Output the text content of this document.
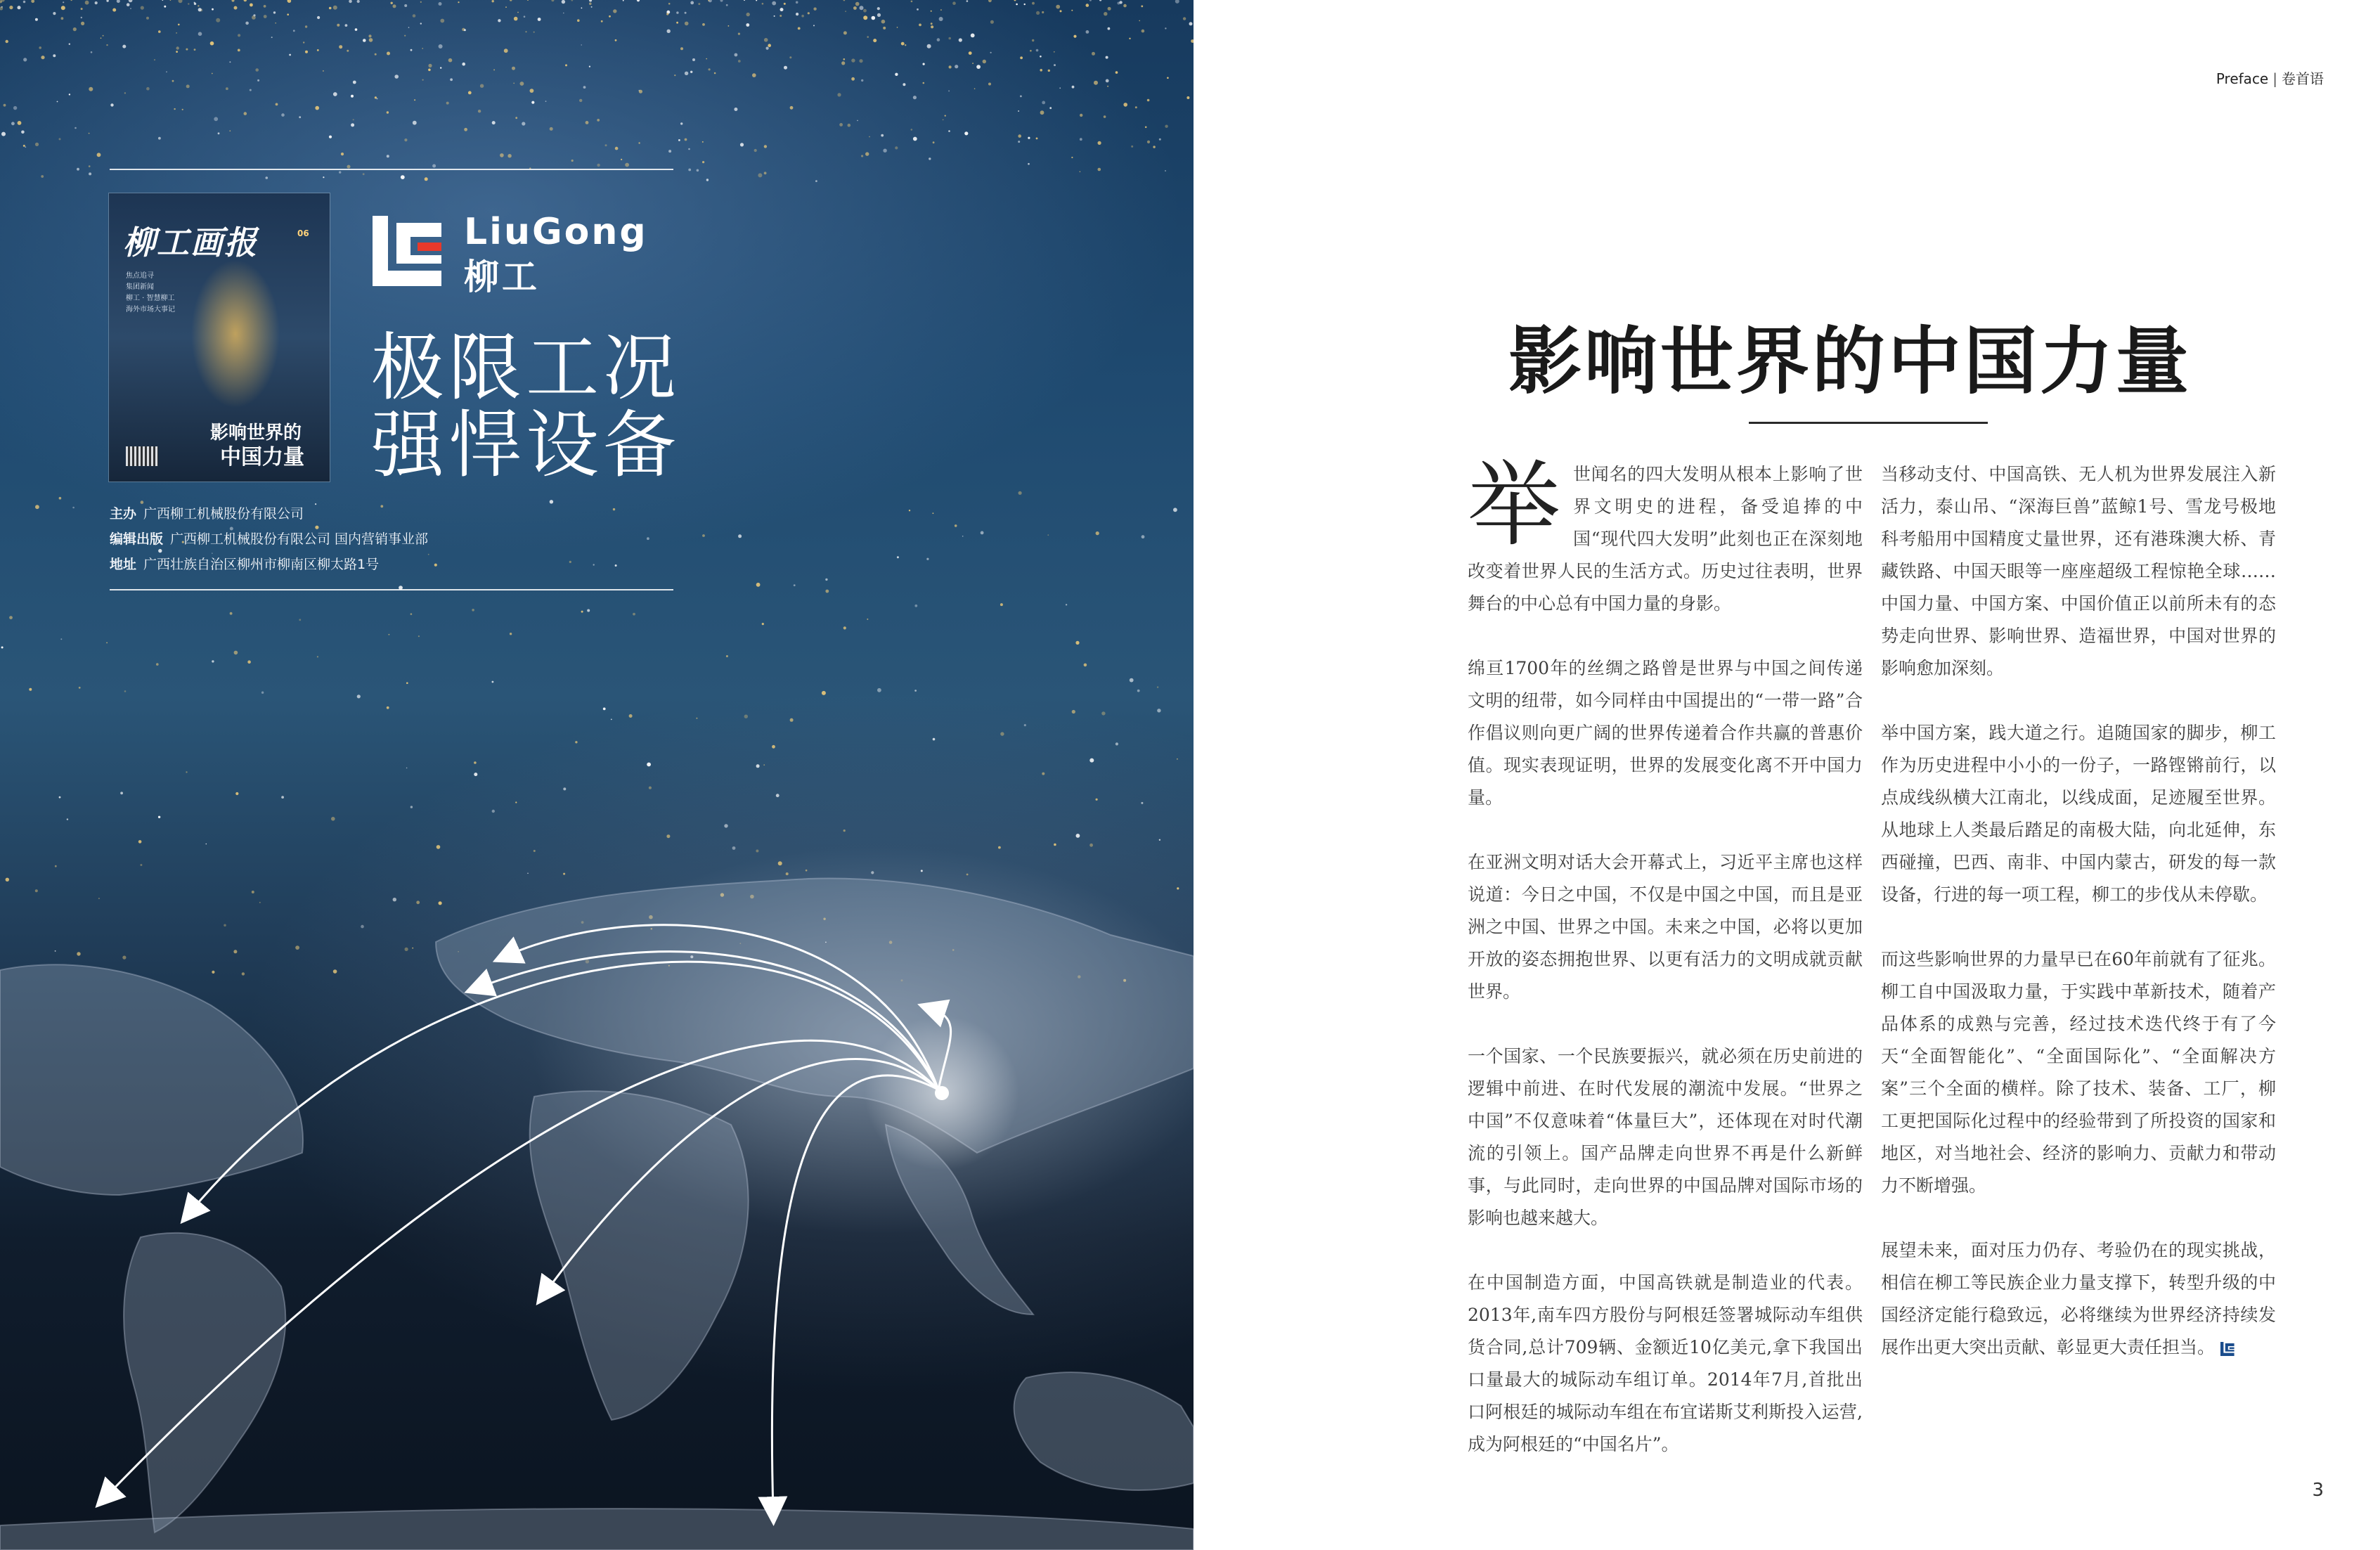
柳工画报	06
焦点追寻
集团新闻
柳工 · 智慧柳工
海外市场大事记
影响世界的
中国力量
LiuGong
柳工
极限工况
强悍设备
主办 广西柳工机械股份有限公司
编辑出版 广西柳工机械股份有限公司 国内营销事业部
地址 广西壮族自治区柳州市柳南区柳太路1号
Preface | 卷首语
影响世界的中国力量

举世闻名的四大发明从根本上影响了世界文明史的进程，备受追捧的中国“现代四大发明”此刻也正在深刻地改变着世界人民的生活方式。历史过往表明，世界舞台的中心总有中国力量的身影。

绵亘1700年的丝绸之路曾是世界与中国之间传递文明的纽带，如今同样由中国提出的“一带一路”合作倡议则向更广阔的世界传递着合作共赢的普惠价值。现实表现证明，世界的发展变化离不开中国力量。

在亚洲文明对话大会开幕式上，习近平主席也这样说道：今日之中国，不仅是中国之中国，而且是亚洲之中国、世界之中国。未来之中国，必将以更加开放的姿态拥抱世界、以更有活力的文明成就贡献世界。

一个国家、一个民族要振兴，就必须在历史前进的逻辑中前进、在时代发展的潮流中发展。“世界之中国”不仅意味着“体量巨大”，还体现在对时代潮流的引领上。国产品牌走向世界不再是什么新鲜事，与此同时，走向世界的中国品牌对国际市场的影响也越来越大。

在中国制造方面，中国高铁就是制造业的代表。2013年,南车四方股份与阿根廷签署城际动车组供货合同,总计709辆、金额近10亿美元,拿下我国出口量最大的城际动车组订单。2014年7月,首批出口阿根廷的城际动车组在布宜诺斯艾利斯投入运营,成为阿根廷的“中国名片”。

当移动支付、中国高铁、无人机为世界发展注入新活力，泰山吊、“深海巨兽”蓝鲸1号、雪龙号极地科考船用中国精度丈量世界，还有港珠澳大桥、青藏铁路、中国天眼等一座座超级工程惊艳全球……中国力量、中国方案、中国价值正以前所未有的态势走向世界、影响世界、造福世界，中国对世界的影响愈加深刻。

举中国方案，践大道之行。追随国家的脚步，柳工作为历史进程中小小的一份子，一路铿锵前行，以点成线纵横大江南北，以线成面，足迹履至世界。从地球上人类最后踏足的南极大陆，向北延伸，东西碰撞，巴西、南非、中国内蒙古，研发的每一款设备，行进的每一项工程，柳工的步伐从未停歇。

而这些影响世界的力量早已在60年前就有了征兆。柳工自中国汲取力量，于实践中革新技术，随着产品体系的成熟与完善，经过技术迭代终于有了今天“全面智能化”、“全面国际化”、“全面解决方案”三个全面的横样。除了技术、装备、工厂，柳工更把国际化过程中的经验带到了所投资的国家和地区，对当地社会、经济的影响力、贡献力和带动力不断增强。

展望未来，面对压力仍存、考验仍在的现实挑战，相信在柳工等民族企业力量支撑下，转型升级的中国经济定能行稳致远，必将继续为世界经济持续发展作出更大突出贡献、彰显更大责任担当。

3
